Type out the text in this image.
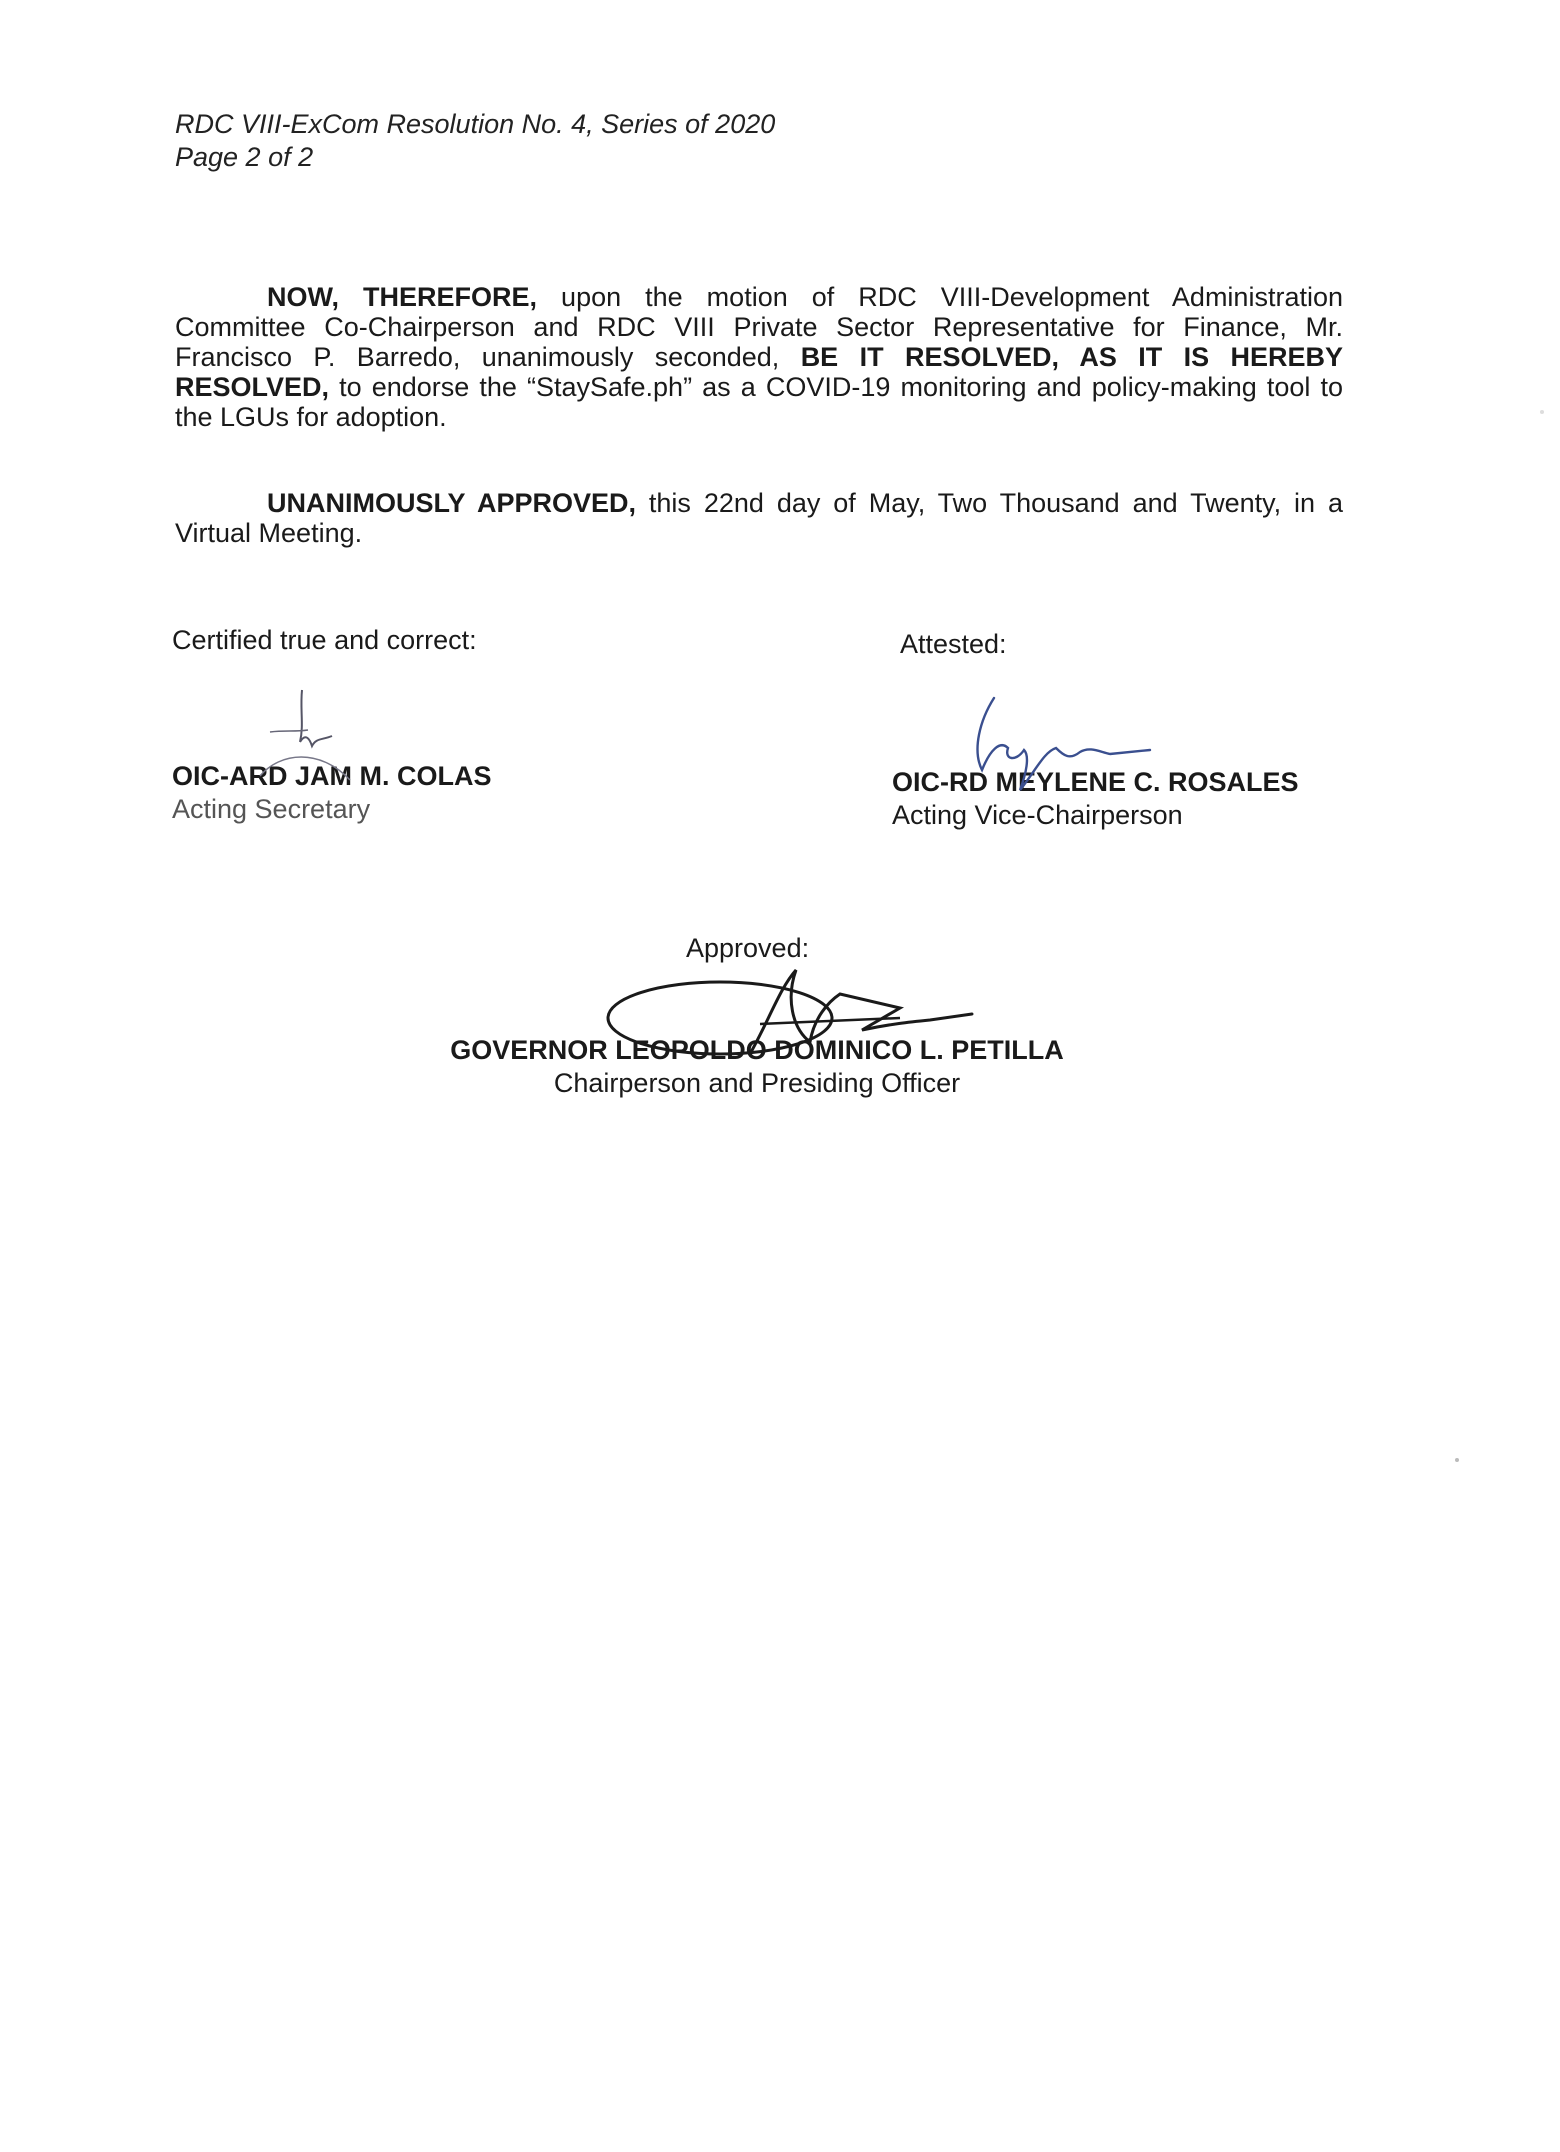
RDC VIII-ExCom Resolution No. 4, Series of 2020
Page 2 of 2
NOW, THEREFORE, upon the motion of RDC VIII-Development Administration Committee Co-Chairperson and RDC VIII Private Sector Representative for Finance, Mr. Francisco P. Barredo, unanimously seconded, BE IT RESOLVED, AS IT IS HEREBY RESOLVED, to endorse the “StaySafe.ph” as a COVID-19 monitoring and policy-making tool to the LGUs for adoption.
UNANIMOUSLY APPROVED, this 22nd day of May, Two Thousand and Twenty, in a Virtual Meeting.
Certified true and correct:	Attested:
OIC-ARD JAM M. COLAS
Acting Secretary
OIC-RD MEYLENE C. ROSALES
Acting Vice-Chairperson
Approved:
GOVERNOR LEOPOLDO DOMINICO L. PETILLA
Chairperson and Presiding Officer
